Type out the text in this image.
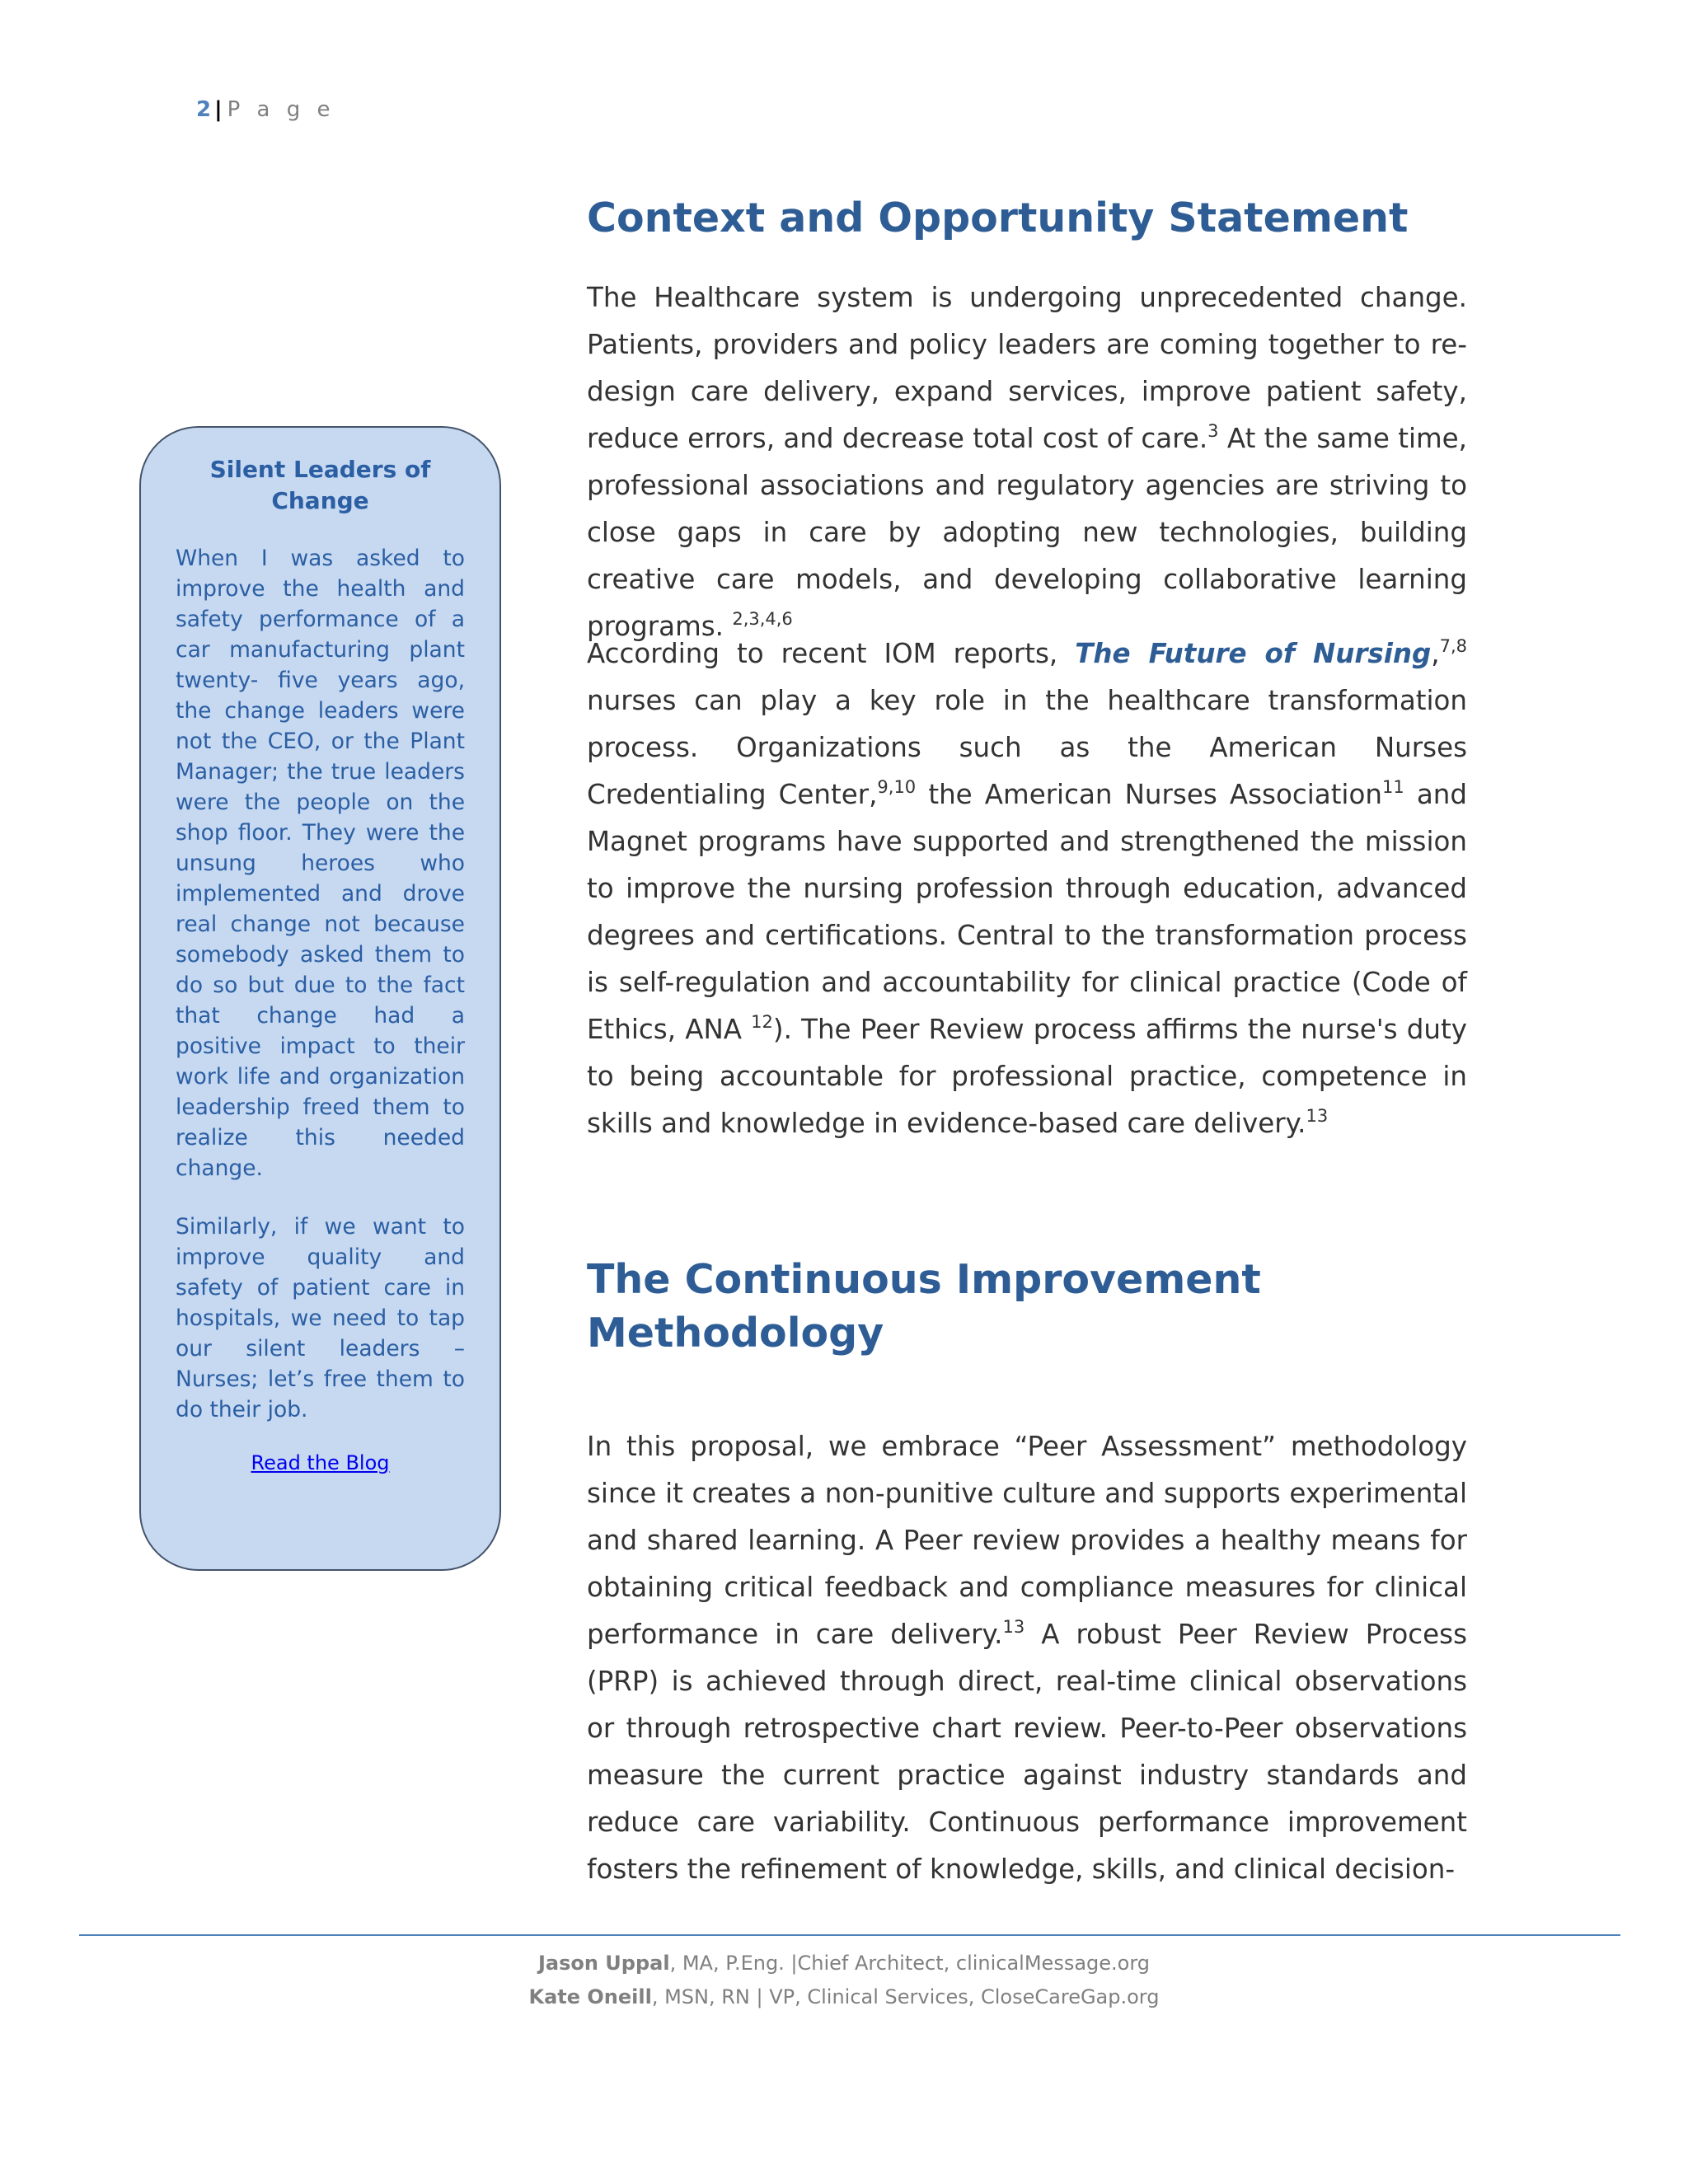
2 | P a g e
Silent Leaders of Change

When I was asked to improve the health and safety performance of a car manufacturing plant twenty- five years ago, the change leaders were not the CEO, or the Plant Manager; the true leaders were the people on the shop floor. They were the unsung heroes who implemented and drove real change not because somebody asked them to do so but due to the fact that change had a positive impact to their work life and organization leadership freed them to realize this needed change.

Similarly, if we want to improve quality and safety of patient care in hospitals, we need to tap our silent leaders – Nurses; let’s free them to do their job.

Read the Blog
Context and Opportunity Statement

The Healthcare system is undergoing unprecedented change. Patients, providers and policy leaders are coming together to re-design care delivery, expand services, improve patient safety, reduce errors, and decrease total cost of care.$^3$ At the same time, professional associations and regulatory agencies are striving to close gaps in care by adopting new technologies, building creative care models, and developing collaborative learning programs. $^{2,3,4,6}$

According to recent IOM reports, The Future of Nursing,$^{7,8}$ nurses can play a key role in the healthcare transformation process. Organizations such as the American Nurses Credentialing Center,$^{9,10}$ the American Nurses Association$^{11}$ and Magnet programs have supported and strengthened the mission to improve the nursing profession through education, advanced degrees and certifications. Central to the transformation process is self-regulation and accountability for clinical practice (Code of Ethics, ANA $^{12}$). The Peer Review process affirms the nurse's duty to being accountable for professional practice, competence in skills and knowledge in evidence-based care delivery.$^{13}$

The Continuous Improvement
Methodology

In this proposal, we embrace “Peer Assessment” methodology since it creates a non-punitive culture and supports experimental and shared learning. A Peer review provides a healthy means for obtaining critical feedback and compliance measures for clinical performance in care delivery.$^{13}$ A robust Peer Review Process (PRP) is achieved through direct, real-time clinical observations or through retrospective chart review. Peer-to-Peer observations measure the current practice against industry standards and reduce care variability. Continuous performance improvement fosters the refinement of knowledge, skills, and clinical decision-

Jason Uppal, MA, P.Eng. |Chief Architect, clinicalMessage.org
Kate Oneill, MSN, RN | VP, Clinical Services, CloseCareGap.org
